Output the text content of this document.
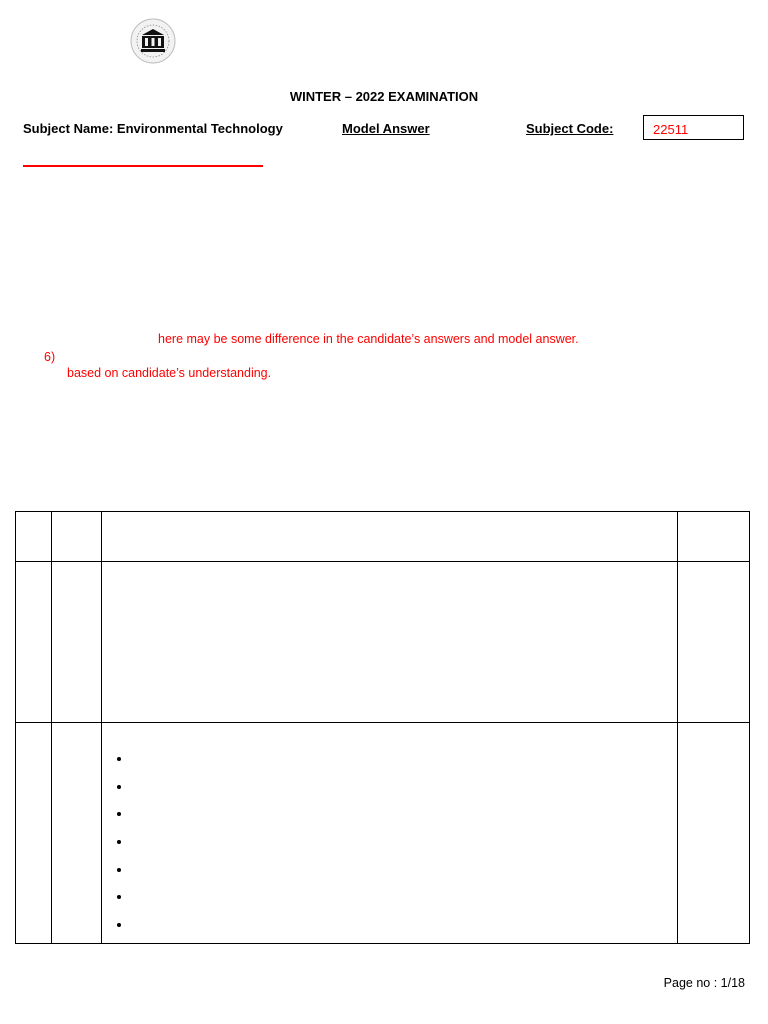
WINTER – 2022 EXAMINATION
Subject Name: Environmental Technology	Model Answer	Subject Code:	22511
here may be some difference in the candidate’s answers and model answer.
6)
based on candidate’s understanding.

•
•
•
•
•
•
•

Page no : 1/18
